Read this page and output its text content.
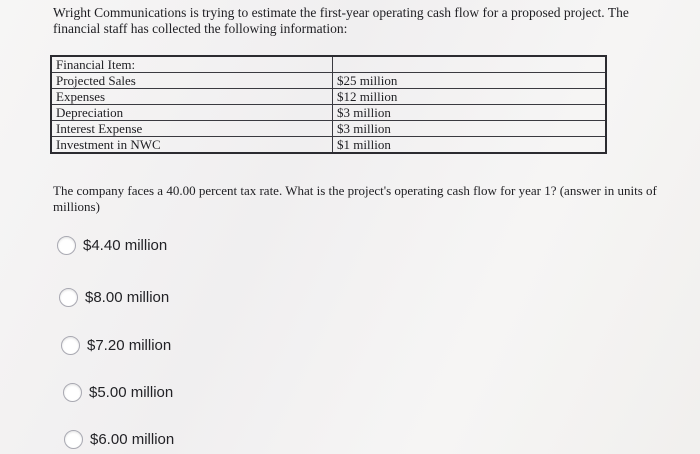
Wright Communications is trying to estimate the first-year operating cash flow for a proposed project. The financial staff has collected the following information:

Financial Item:	
Projected Sales	$25 million
Expenses	$12 million
Depreciation	$3 million
Interest Expense	$3 million
Investment in NWC	$1 million

The company faces a 40.00 percent tax rate. What is the project's operating cash flow for year 1? (answer in units of millions)

$4.40 million
$8.00 million
$7.20 million
$5.00 million
$6.00 million
